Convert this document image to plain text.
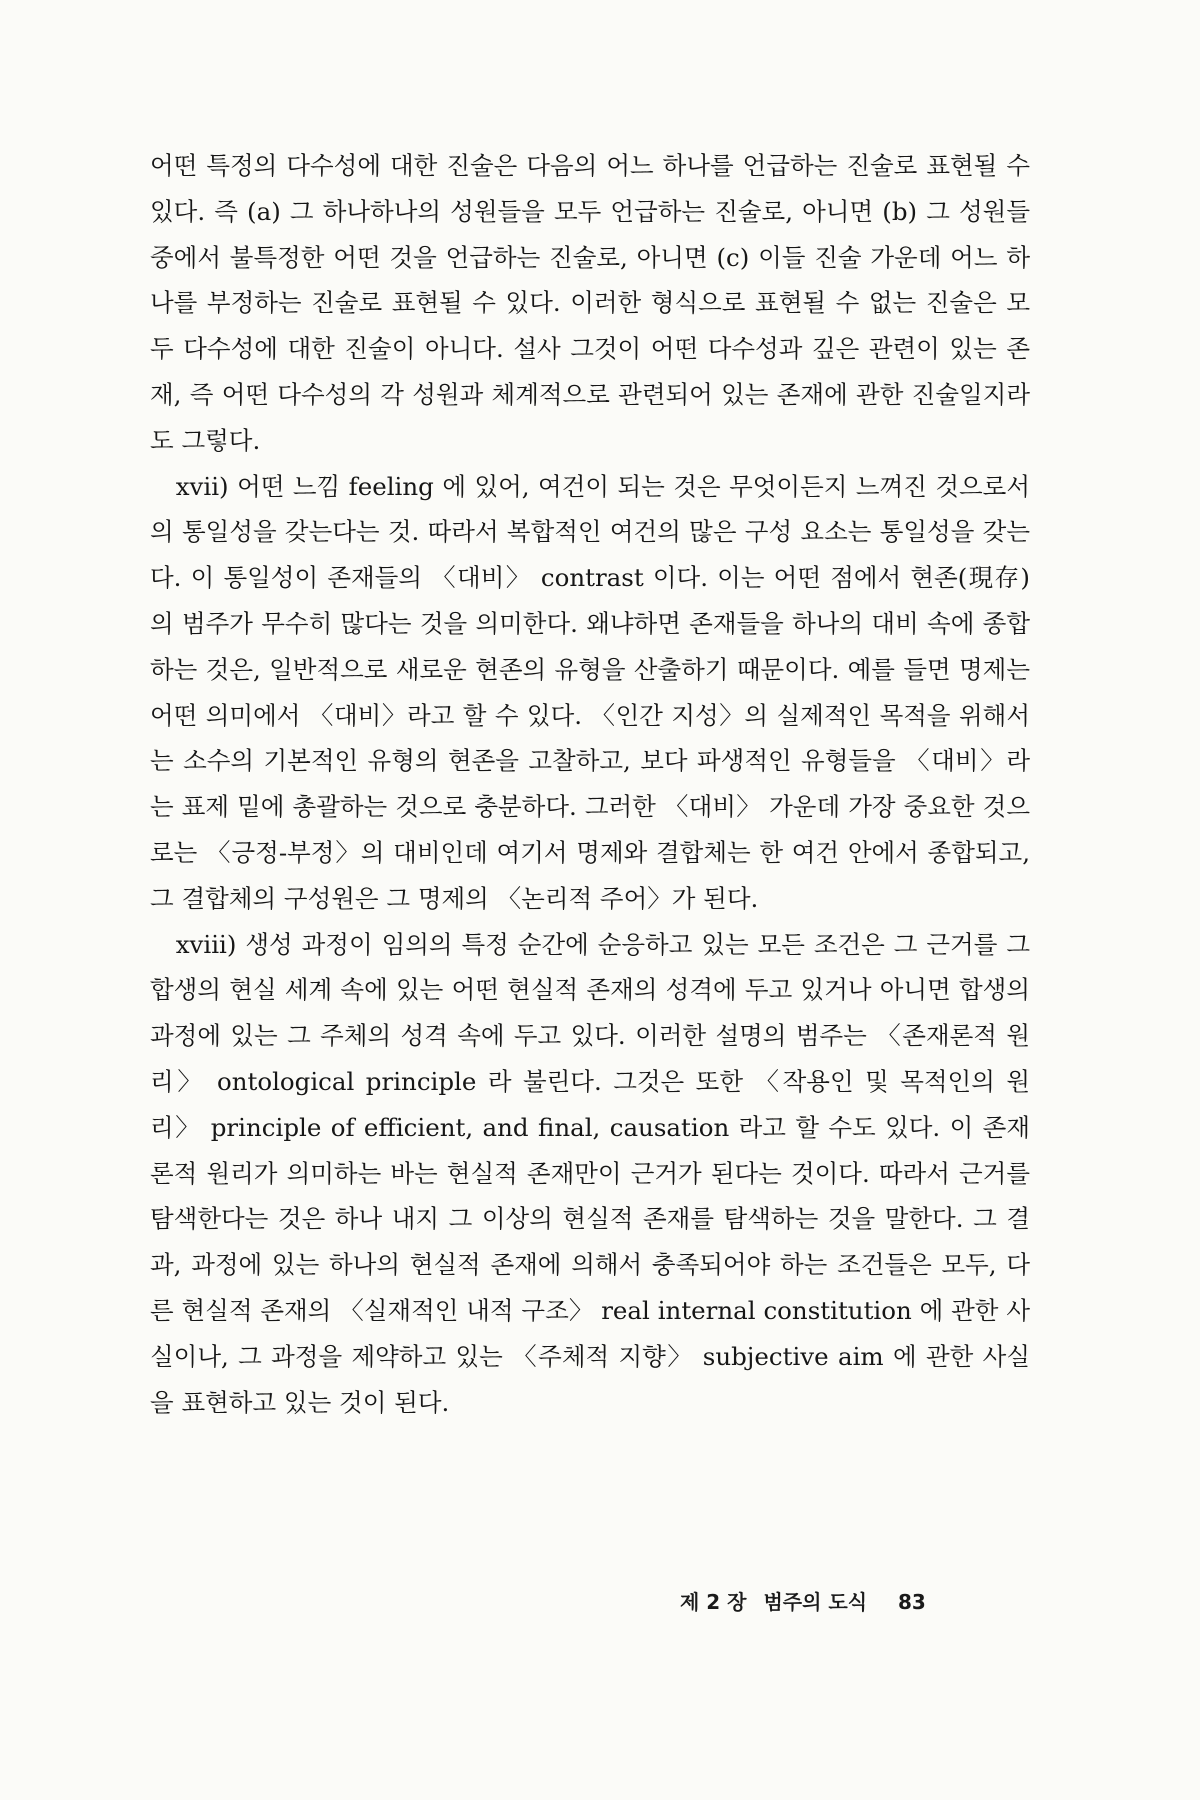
어떤 특정의 다수성에 대한 진술은 다음의 어느 하나를 언급하는 진술로 표현될 수 있다. 즉 (a) 그 하나하나의 성원들을 모두 언급하는 진술로, 아니면 (b) 그 성원들 중에서 불특정한 어떤 것을 언급하는 진술로, 아니면 (c) 이들 진술 가운데 어느 하나를 부정하는 진술로 표현될 수 있다. 이러한 형식으로 표현될 수 없는 진술은 모두 다수성에 대한 진술이 아니다. 설사 그것이 어떤 다수성과 깊은 관련이 있는 존재, 즉 어떤 다수성의 각 성원과 체계적으로 관련되어 있는 존재에 관한 진술일지라도 그렇다.

xvii) 어떤 느낌 feeling 에 있어, 여건이 되는 것은 무엇이든지 느껴진 것으로서의 통일성을 갖는다는 것. 따라서 복합적인 여건의 많은 구성 요소는 통일성을 갖는다. 이 통일성이 존재들의 〈대비〉 contrast 이다. 이는 어떤 점에서 현존(現存)의 범주가 무수히 많다는 것을 의미한다. 왜냐하면 존재들을 하나의 대비 속에 종합하는 것은, 일반적으로 새로운 현존의 유형을 산출하기 때문이다. 예를 들면 명제는 어떤 의미에서 〈대비〉라고 할 수 있다. 〈인간 지성〉의 실제적인 목적을 위해서는 소수의 기본적인 유형의 현존을 고찰하고, 보다 파생적인 유형들을 〈대비〉라는 표제 밑에 총괄하는 것으로 충분하다. 그러한 〈대비〉 가운데 가장 중요한 것으로는 〈긍정-부정〉의 대비인데 여기서 명제와 결합체는 한 여건 안에서 종합되고, 그 결합체의 구성원은 그 명제의 〈논리적 주어〉가 된다.

xviii) 생성 과정이 임의의 특정 순간에 순응하고 있는 모든 조건은 그 근거를 그 합생의 현실 세계 속에 있는 어떤 현실적 존재의 성격에 두고 있거나 아니면 합생의 과정에 있는 그 주체의 성격 속에 두고 있다. 이러한 설명의 범주는 〈존재론적 원리〉 ontological principle 라 불린다. 그것은 또한 〈작용인 및 목적인의 원리〉 principle of efficient, and final, causation 라고 할 수도 있다. 이 존재론적 원리가 의미하는 바는 현실적 존재만이 근거가 된다는 것이다. 따라서 근거를 탐색한다는 것은 하나 내지 그 이상의 현실적 존재를 탐색하는 것을 말한다. 그 결과, 과정에 있는 하나의 현실적 존재에 의해서 충족되어야 하는 조건들은 모두, 다른 현실적 존재의 〈실재적인 내적 구조〉 real internal constitution 에 관한 사실이나, 그 과정을 제약하고 있는 〈주체적 지향〉 subjective aim 에 관한 사실을 표현하고 있는 것이 된다.

제 2 장 범주의 도식 83
